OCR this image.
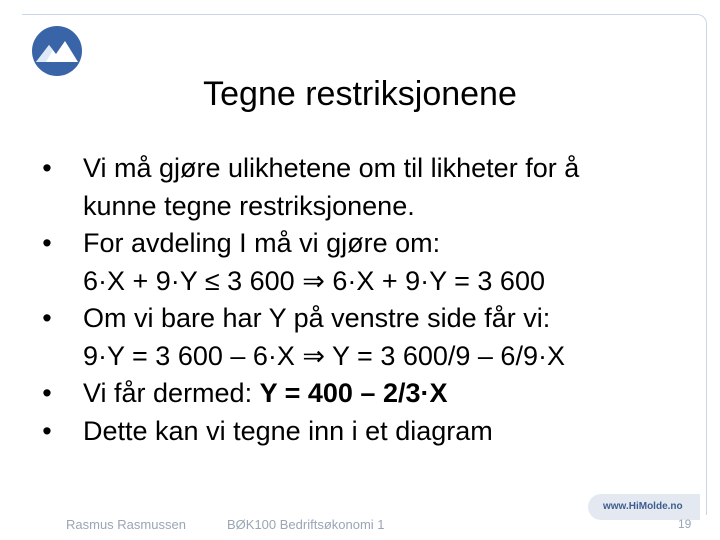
Tegne restriksjonene
• Vi må gjøre ulikhetene om til likheter for å
kunne tegne restriksjonene.
• For avdeling I må vi gjøre om:
6·X + 9·Y ≤ 3 600 ⇒ 6·X + 9·Y = 3 600
• Om vi bare har Y på venstre side får vi:
9·Y = 3 600 – 6·X ⇒ Y = 3 600/9 – 6/9·X
• Vi får dermed: Y = 400 – 2/3·X
• Dette kan vi tegne inn i et diagram
www.HiMolde.no
Rasmus Rasmussen	BØK100 Bedriftsøkonomi 1	19
